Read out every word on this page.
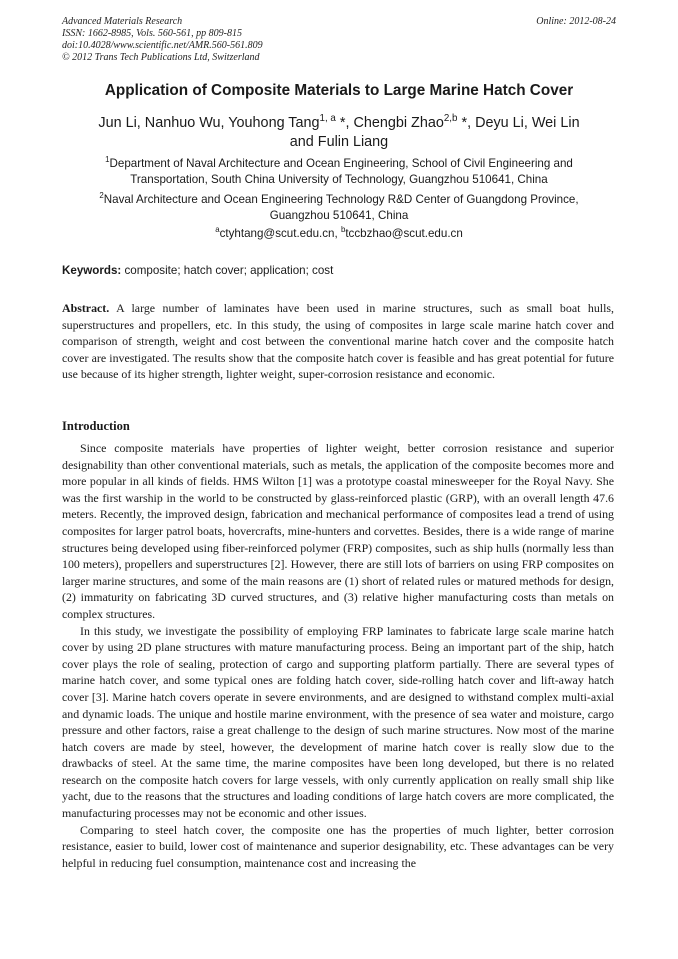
Advanced Materials Research
ISSN: 1662-8985, Vols. 560-561, pp 809-815
doi:10.4028/www.scientific.net/AMR.560-561.809
© 2012 Trans Tech Publications Ltd, Switzerland
Online: 2012-08-24
Application of Composite Materials to Large Marine Hatch Cover
Jun Li, Nanhuo Wu, Youhong Tang$^{1, a}$ *, Chengbi Zhao$^{2,b}$ *, Deyu Li, Wei Lin
and Fulin Liang
$^1$Department of Naval Architecture and Ocean Engineering, School of Civil Engineering and
Transportation, South China University of Technology, Guangzhou 510641, China
$^2$Naval Architecture and Ocean Engineering Technology R&D Center of Guangdong Province,
Guangzhou 510641, China
$^a$ctyhtang@scut.edu.cn, $^b$tccbzhao@scut.edu.cn
Keywords: composite; hatch cover; application; cost
Abstract. A large number of laminates have been used in marine structures, such as small boat hulls, superstructures and propellers, etc. In this study, the using of composites in large scale marine hatch cover and comparison of strength, weight and cost between the conventional marine hatch cover and the composite hatch cover are investigated. The results show that the composite hatch cover is feasible and has great potential for future use because of its higher strength, lighter weight, super-corrosion resistance and economic.
Introduction

Since composite materials have properties of lighter weight, better corrosion resistance and superior designability than other conventional materials, such as metals, the application of the composite becomes more and more popular in all kinds of fields. HMS Wilton [1] was a prototype coastal minesweeper for the Royal Navy. She was the first warship in the world to be constructed by glass-reinforced plastic (GRP), with an overall length 47.6 meters. Recently, the improved design, fabrication and mechanical performance of composites lead a trend of using composites for larger patrol boats, hovercrafts, mine-hunters and corvettes. Besides, there is a wide range of marine structures being developed using fiber-reinforced polymer (FRP) composites, such as ship hulls (normally less than 100 meters), propellers and superstructures [2]. However, there are still lots of barriers on using FRP composites on larger marine structures, and some of the main reasons are (1) short of related rules or matured methods for design, (2) immaturity on fabricating 3D curved structures, and (3) relative higher manufacturing costs than metals on complex structures.

In this study, we investigate the possibility of employing FRP laminates to fabricate large scale marine hatch cover by using 2D plane structures with mature manufacturing process. Being an important part of the ship, hatch cover plays the role of sealing, protection of cargo and supporting platform partially. There are several types of marine hatch cover, and some typical ones are folding hatch cover, side-rolling hatch cover and lift-away hatch cover [3]. Marine hatch covers operate in severe environments, and are designed to withstand complex multi-axial and dynamic loads. The unique and hostile marine environment, with the presence of sea water and moisture, cargo pressure and other factors, raise a great challenge to the design of such marine structures. Now most of the marine hatch covers are made by steel, however, the development of marine hatch cover is really slow due to the drawbacks of steel. At the same time, the marine composites have been long developed, but there is no related research on the composite hatch covers for large vessels, with only currently application on really small ship like yacht, due to the reasons that the structures and loading conditions of large hatch covers are more complicated, the manufacturing processes may not be economic and other issues.

Comparing to steel hatch cover, the composite one has the properties of much lighter, better corrosion resistance, easier to build, lower cost of maintenance and superior designability, etc. These advantages can be very helpful in reducing fuel consumption, maintenance cost and increasing the
